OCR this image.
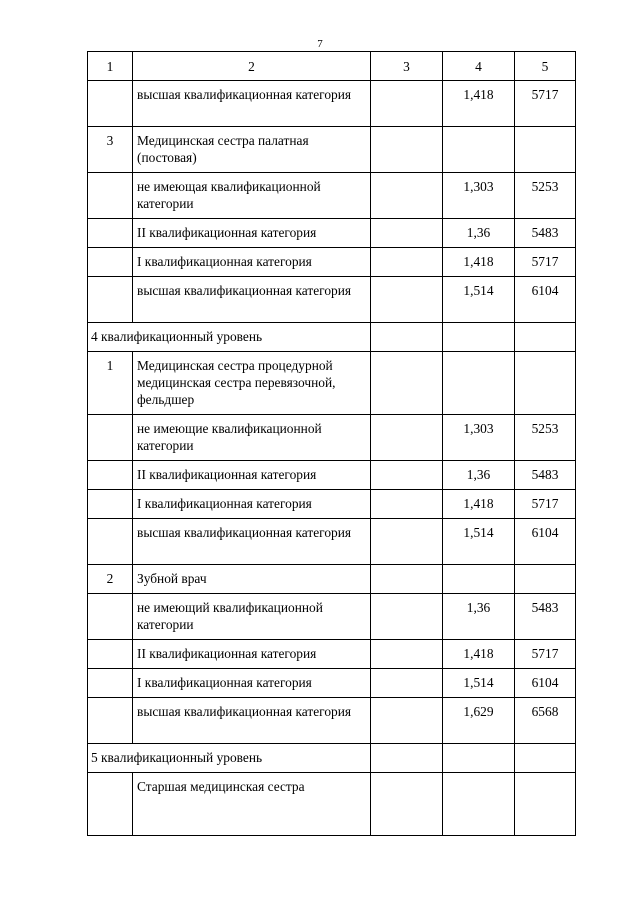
7
1	2	3	4	5
	высшая квалификационная категория		1,418	5717
3	Медицинская сестра палатная (постовая)			
	не имеющая квалификационной категории		1,303	5253
	II квалификационная категория		1,36	5483
	I квалификационная категория		1,418	5717
	высшая квалификационная категория		1,514	6104
4 квалификационный уровень				
1	Медицинская сестра процедурной медицинская сестра перевязочной, фельдшер			
	не имеющие квалификационной категории		1,303	5253
	II квалификационная категория		1,36	5483
	I квалификационная категория		1,418	5717
	высшая квалификационная категория		1,514	6104
2	Зубной врач			
	не имеющий квалификационной категории		1,36	5483
	II квалификационная категория		1,418	5717
	I квалификационная категория		1,514	6104
	высшая квалификационная категория		1,629	6568
5 квалификационный уровень				
	Старшая медицинская сестра			
